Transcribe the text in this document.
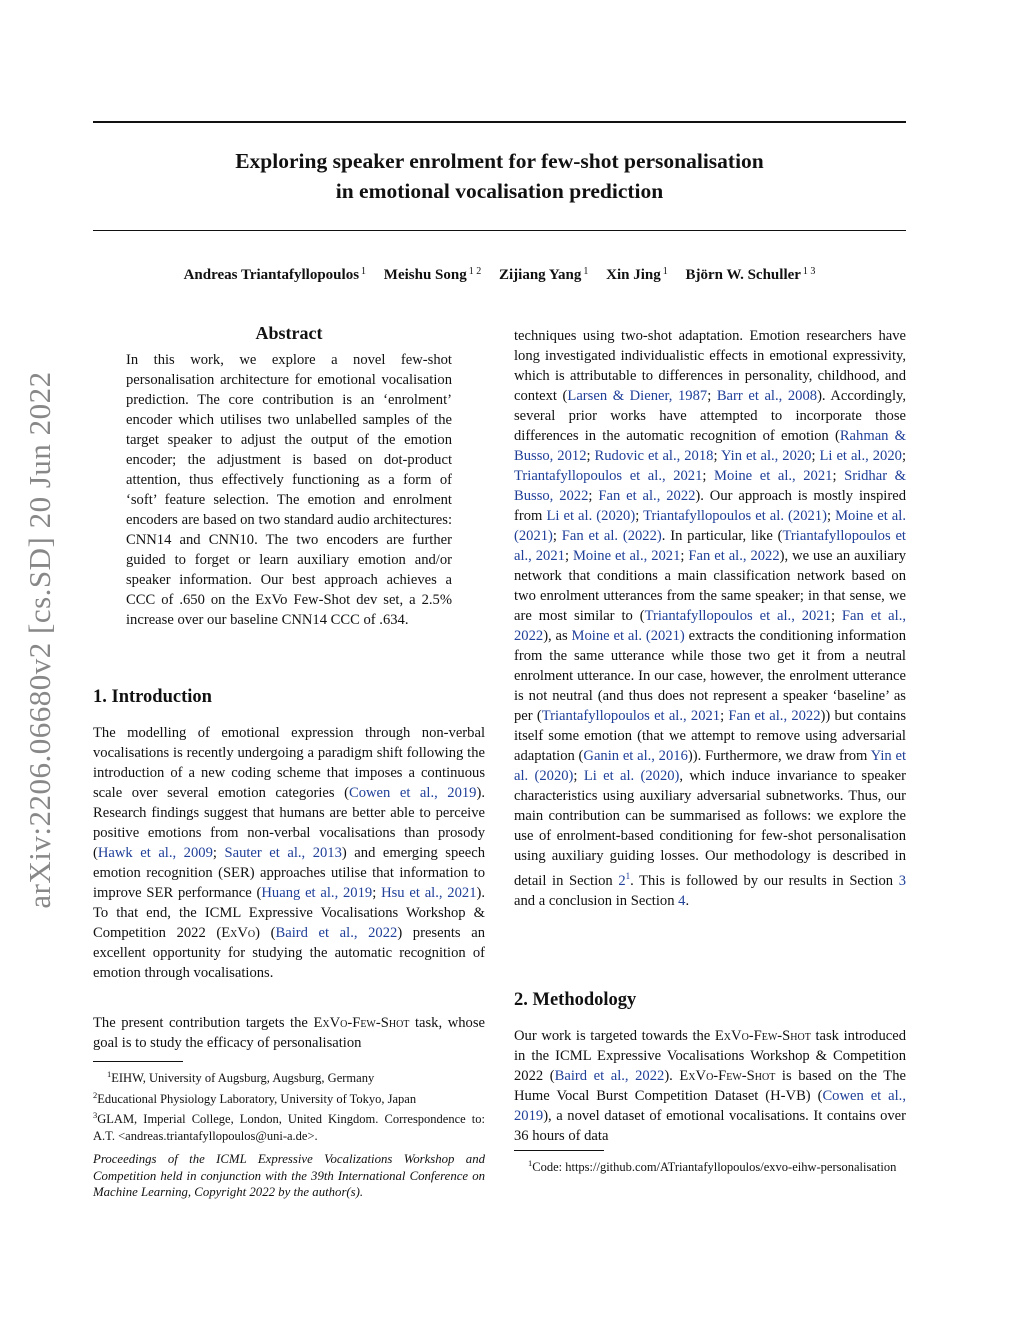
arXiv:2206.06680v2 [cs.SD] 20 Jun 2022
Exploring speaker enrolment for few-shot personalisation
in emotional vocalisation prediction
Andreas Triantafyllopoulos $^1$ Meishu Song $^{1 2}$ Zijiang Yang $^1$ Xin Jing $^1$ Björn W. Schuller $^{1 3}$
Abstract
In this work, we explore a novel few-shot personalisation architecture for emotional vocalisation prediction. The core contribution is an ‘enrolment’ encoder which utilises two unlabelled samples of the target speaker to adjust the output of the emotion encoder; the adjustment is based on dot-product attention, thus effectively functioning as a form of ‘soft’ feature selection. The emotion and enrolment encoders are based on two standard audio architectures: CNN14 and CNN10. The two encoders are further guided to forget or learn auxiliary emotion and/or speaker information. Our best approach achieves a CCC of .650 on the ExVo Few-Shot dev set, a 2.5% increase over our baseline CNN14 CCC of .634.
1. Introduction
The modelling of emotional expression through non-verbal vocalisations is recently undergoing a paradigm shift following the introduction of a new coding scheme that imposes a continuous scale over several emotion categories (Cowen et al., 2019). Research findings suggest that humans are better able to perceive positive emotions from non-verbal vocalisations than prosody (Hawk et al., 2009; Sauter et al., 2013) and emerging speech emotion recognition (SER) approaches utilise that information to improve SER performance (Huang et al., 2019; Hsu et al., 2021). To that end, the ICML Expressive Vocalisations Workshop & Competition 2022 (ExVo) (Baird et al., 2022) presents an excellent opportunity for studying the automatic recognition of emotion through vocalisations.
The present contribution targets the ExVo-Few-Shot task, whose goal is to study the efficacy of personalisation
$^1$EIHW, University of Augsburg, Augsburg, Germany
$^2$Educational Physiology Laboratory, University of Tokyo, Japan
$^3$GLAM, Imperial College, London, United Kingdom. Correspondence to: A.T. <andreas.triantafyllopoulos@uni-a.de>.
Proceedings of the ICML Expressive Vocalizations Workshop and Competition held in conjunction with the 39th International Conference on Machine Learning, Copyright 2022 by the author(s).
techniques using two-shot adaptation. Emotion researchers have long investigated individualistic effects in emotional expressivity, which is attributable to differences in personality, childhood, and context (Larsen & Diener, 1987; Barr et al., 2008). Accordingly, several prior works have attempted to incorporate those differences in the automatic recognition of emotion (Rahman & Busso, 2012; Rudovic et al., 2018; Yin et al., 2020; Li et al., 2020; Triantafyllopoulos et al., 2021; Moine et al., 2021; Sridhar & Busso, 2022; Fan et al., 2022). Our approach is mostly inspired from Li et al. (2020); Triantafyllopoulos et al. (2021); Moine et al. (2021); Fan et al. (2022). In particular, like (Triantafyllopoulos et al., 2021; Moine et al., 2021; Fan et al., 2022), we use an auxiliary network that conditions a main classification network based on two enrolment utterances from the same speaker; in that sense, we are most similar to (Triantafyllopoulos et al., 2021; Fan et al., 2022), as Moine et al. (2021) extracts the conditioning information from the same utterance while those two get it from a neutral enrolment utterance. In our case, however, the enrolment utterance is not neutral (and thus does not represent a speaker ‘baseline’ as per (Triantafyllopoulos et al., 2021; Fan et al., 2022)) but contains itself some emotion (that we attempt to remove using adversarial adaptation (Ganin et al., 2016)). Furthermore, we draw from Yin et al. (2020); Li et al. (2020), which induce invariance to speaker characteristics using auxiliary adversarial subnetworks. Thus, our main contribution can be summarised as follows: we explore the use of enrolment-based conditioning for few-shot personalisation using auxiliary guiding losses. Our methodology is described in detail in Section 2$^1$. This is followed by our results in Section 3 and a conclusion in Section 4.
2. Methodology
Our work is targeted towards the ExVo-Few-Shot task introduced in the ICML Expressive Vocalisations Workshop & Competition 2022 (Baird et al., 2022). ExVo-Few-Shot is based on the The Hume Vocal Burst Competition Dataset (H-VB) (Cowen et al., 2019), a novel dataset of emotional vocalisations. It contains over 36 hours of data
$^1$Code: https://github.com/ATriantafyllopoulos/exvo-eihw-personalisation
